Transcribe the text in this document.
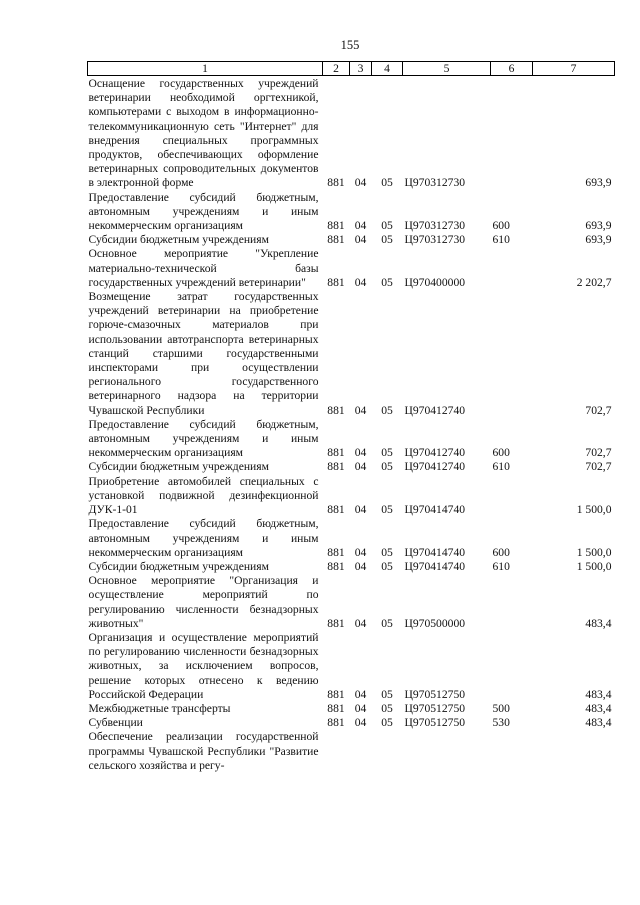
155
1	2	3	4	5	6	7
Оснащение государственных учреждений ветеринарии необходимой оргтехникой, компьютерами с выходом в информационно-телекоммуникационную сеть "Интернет" для внедрения специальных программных продуктов, обеспечивающих оформление ветеринарных сопроводительных документов в электронной форме	881	04	05	Ц970312730		693,9
Предоставление субсидий бюджетным, автономным учреждениям и иным некоммерческим организациям	881	04	05	Ц970312730	600	693,9
Субсидии бюджетным учреждениям	881	04	05	Ц970312730	610	693,9
Основное мероприятие "Укрепление материально-технической базы государственных учреждений ветеринарии"	881	04	05	Ц970400000		2 202,7
Возмещение затрат государственных учреждений ветеринарии на приобретение горюче-смазочных материалов при использовании автотранспорта ветеринарных станций старшими государственными инспекторами при осуществлении регионального государственного ветеринарного надзора на территории Чувашской Республики	881	04	05	Ц970412740		702,7
Предоставление субсидий бюджетным, автономным учреждениям и иным некоммерческим организациям	881	04	05	Ц970412740	600	702,7
Субсидии бюджетным учреждениям	881	04	05	Ц970412740	610	702,7
Приобретение автомобилей специальных с установкой подвижной дезинфекционной ДУК-1-01	881	04	05	Ц970414740		1 500,0
Предоставление субсидий бюджетным, автономным учреждениям и иным некоммерческим организациям	881	04	05	Ц970414740	600	1 500,0
Субсидии бюджетным учреждениям	881	04	05	Ц970414740	610	1 500,0
Основное мероприятие "Организация и осуществление мероприятий по регулированию численности безнадзорных животных"	881	04	05	Ц970500000		483,4
Организация и осуществление мероприятий по регулированию численности безнадзорных животных, за исключением вопросов, решение которых отнесено к ведению Российской Федерации	881	04	05	Ц970512750		483,4
Межбюджетные трансферты	881	04	05	Ц970512750	500	483,4
Субвенции	881	04	05	Ц970512750	530	483,4
Обеспечение реализации государственной программы Чувашской Республики "Развитие сельского хозяйства и регу-						
